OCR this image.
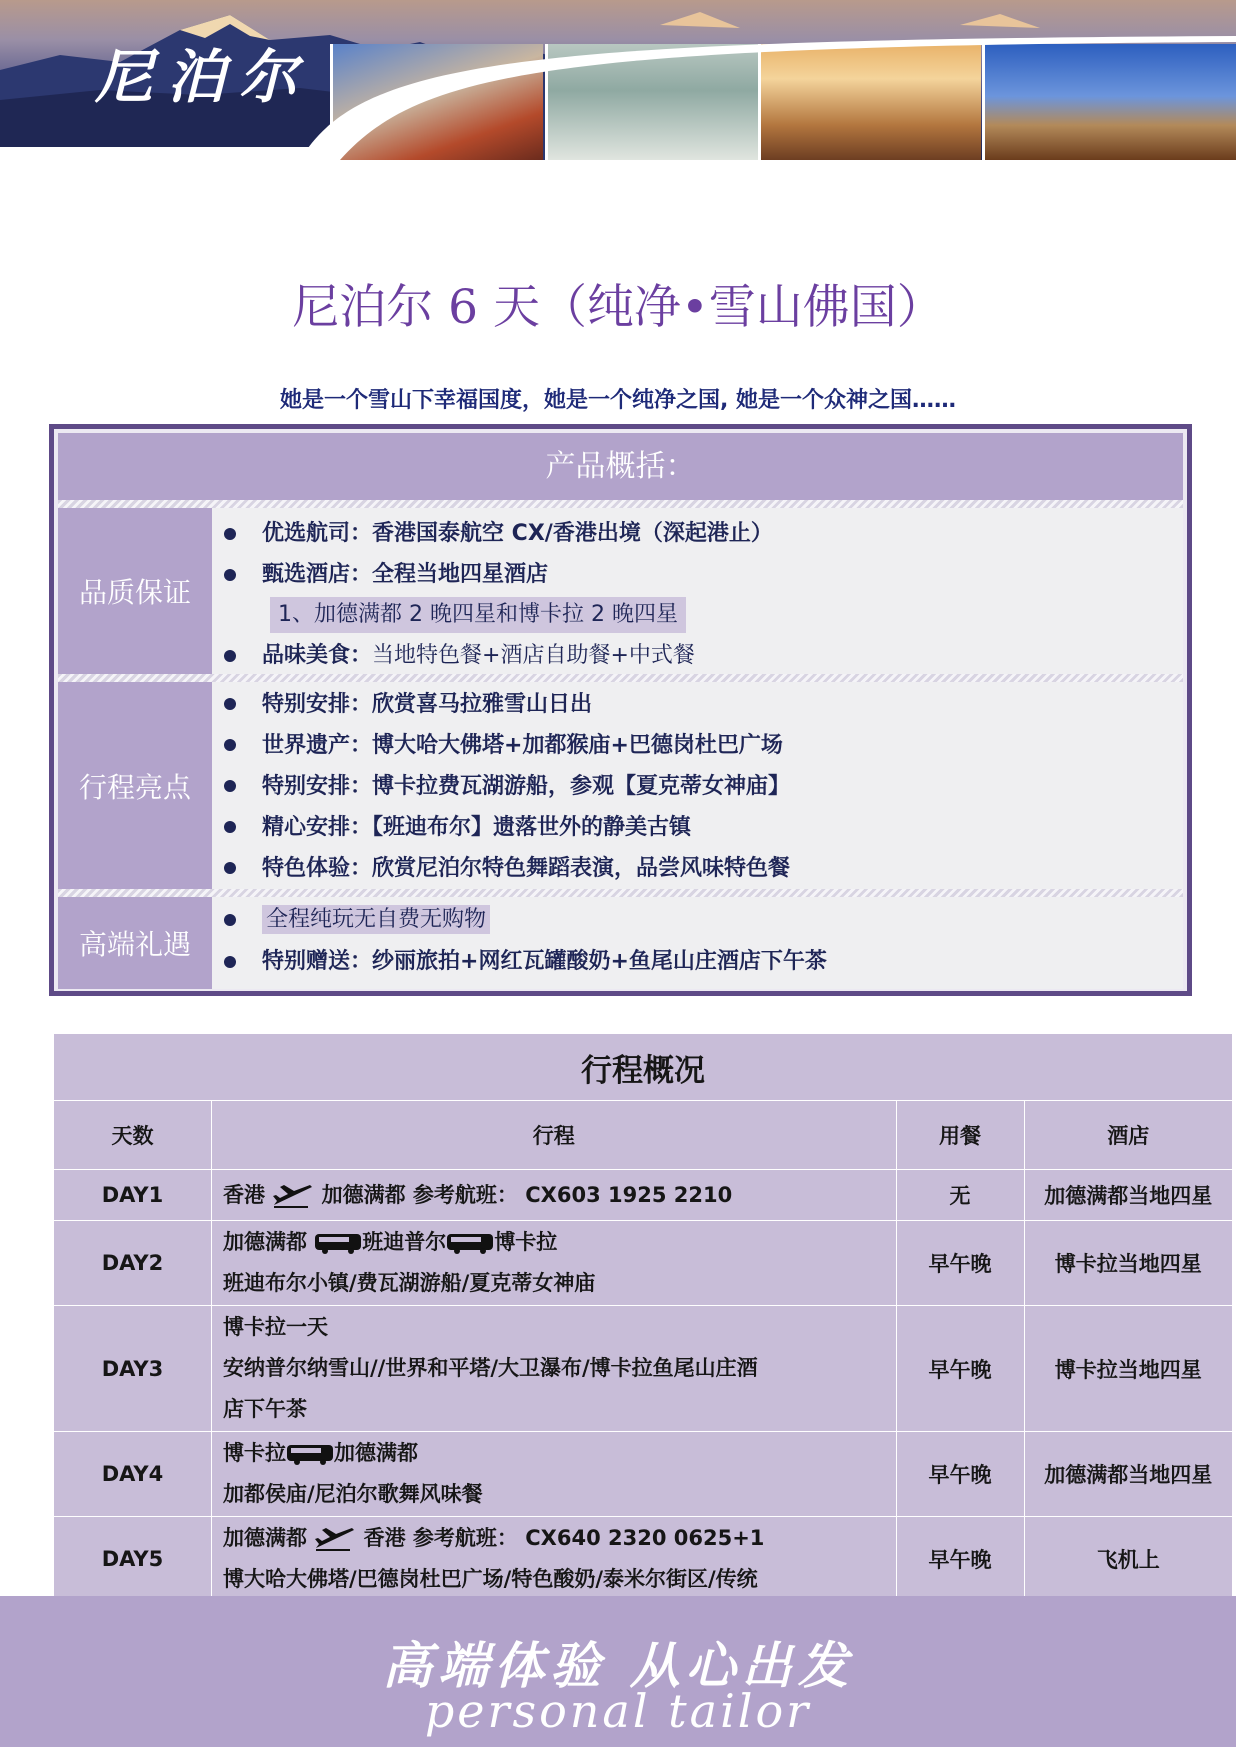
尼泊尔
尼泊尔 6 天（纯净•雪山佛国）
她是一个雪山下幸福国度，她是一个纯净之国, 她是一个众神之国……
产品概括：
品质保证
优选航司：香港国泰航空 CX/香港出境（深起港止）
甄选酒店：全程当地四星酒店
1、加德满都 2 晚四星和博卡拉 2 晚四星
品味美食：当地特色餐+酒店自助餐+中式餐
行程亮点
特别安排：欣赏喜马拉雅雪山日出
世界遗产：博大哈大佛塔+加都猴庙+巴德岗杜巴广场
特别安排：博卡拉费瓦湖游船，参观【夏克蒂女神庙】
精心安排：【班迪布尔】遗落世外的静美古镇
特色体验：欣赏尼泊尔特色舞蹈表演，品尝风味特色餐
高端礼遇
全程纯玩无自费无购物
特别赠送：纱丽旅拍+网红瓦罐酸奶+鱼尾山庄酒店下午茶
行程概况			
天数	行程	用餐	酒店
DAY1	香港 加德满都 参考航班： CX603 1925 2210	无	加德满都当地四星
DAY2	加德满都 班迪普尔 博卡拉
班迪布尔小镇/费瓦湖游船/夏克蒂女神庙	早午晚	博卡拉当地四星
DAY3	博卡拉一天
安纳普尔纳雪山//世界和平塔/大卫瀑布/博卡拉鱼尾山庄酒
店下午茶	早午晚	博卡拉当地四星
DAY4	博卡拉 加德满都
加都侯庙/尼泊尔歌舞风味餐	早午晚	加德满都当地四星
DAY5	加德满都 香港 参考航班： CX640 2320 0625+1
博大哈大佛塔/巴德岗杜巴广场/特色酸奶/泰米尔街区/传统	早午晚	飞机上
高端体验 从心出发
personal tailor
